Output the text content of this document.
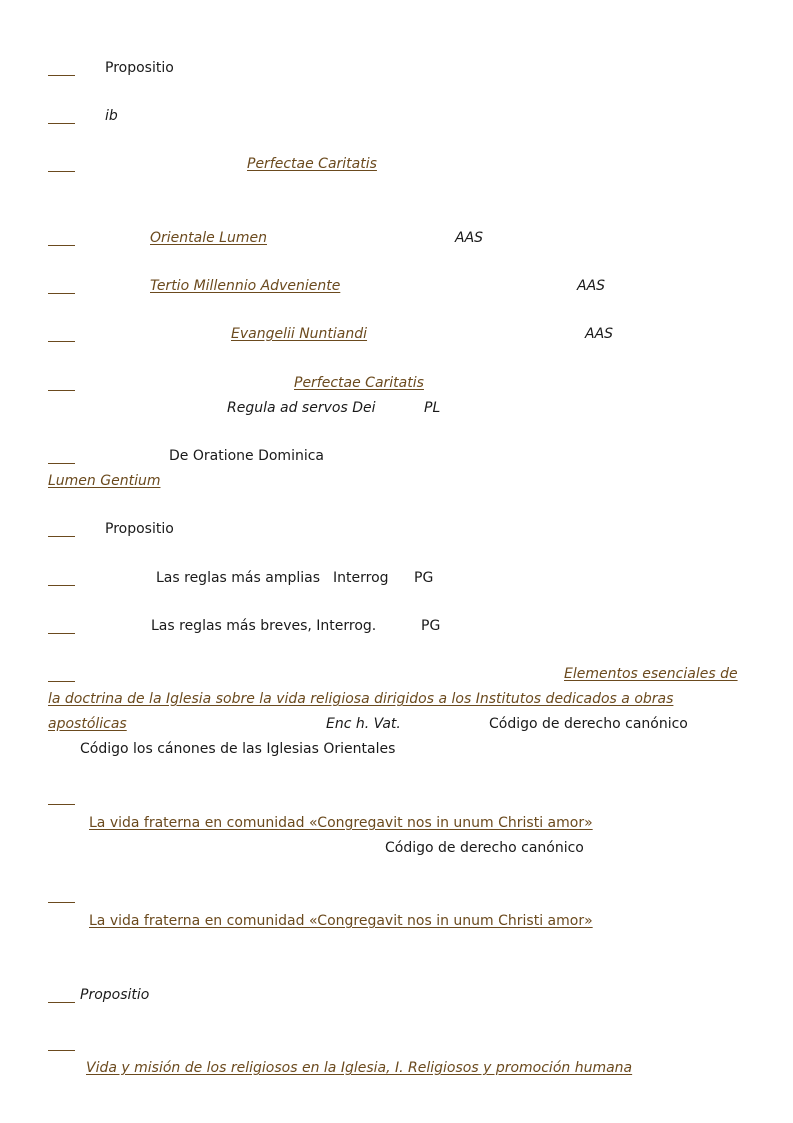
Propositio
ib
Perfectae Caritatis
Orientale Lumen	AAS
Tertio Millennio Adveniente	AAS
Evangelii Nuntiandi	AAS
Perfectae Caritatis
Regula ad servos Dei	PL
De Oratione Dominica
Lumen Gentium
Propositio
Las reglas más amplias Interrog PG
Las reglas más breves, Interrog.	PG
Elementos esenciales de
la doctrina de la Iglesia sobre la vida religiosa dirigidos a los Institutos dedicados a obras
apostólicas	Enc h. Vat.	Código de derecho canónico
Código los cánones de las Iglesias Orientales
La vida fraterna en comunidad «Congregavit nos in unum Christi amor»
Código de derecho canónico
La vida fraterna en comunidad «Congregavit nos in unum Christi amor»
Propositio
Vida y misión de los religiosos en la Iglesia, I. Religiosos y promoción humana
